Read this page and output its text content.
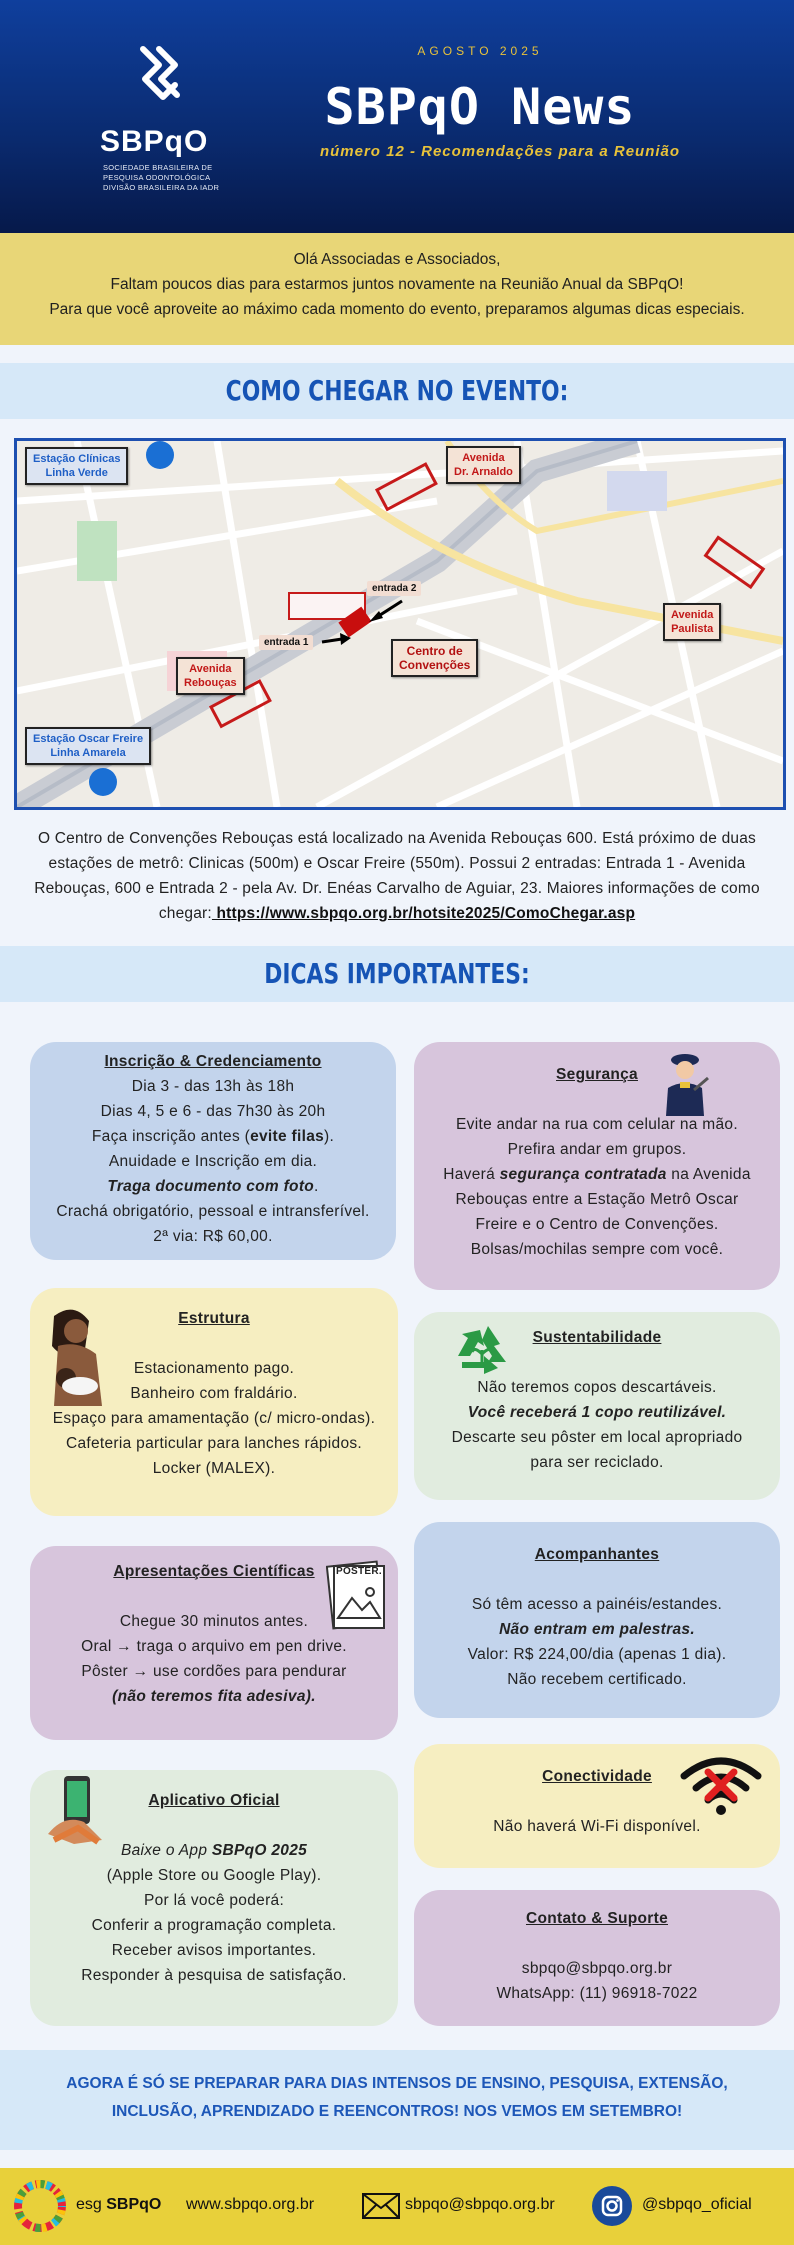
SBPqO
SOCIEDADE BRASILEIRA DE
PESQUISA ODONTOLÓGICA
DIVISÃO BRASILEIRA DA IADR
AGOSTO 2025
SBPqO News
número 12 - Recomendações para a Reunião
Olá Associadas e Associados,
Faltam poucos dias para estarmos juntos novamente na Reunião Anual da SBPqO!
Para que você aproveite ao máximo cada momento do evento, preparamos algumas dicas especiais.
COMO CHEGAR NO EVENTO:
Estação Clínicas
Linha Verde
Avenida
Dr. Arnaldo
Avenida
Paulista
Centro de
Convenções
Avenida
Rebouças
Estação Oscar Freire
Linha Amarela
entrada 2
entrada 1
O Centro de Convenções Rebouças está localizado na Avenida Rebouças 600. Está próximo de duas estações de metrô: Clinicas (500m) e Oscar Freire (550m). Possui 2 entradas: Entrada 1 - Avenida Rebouças, 600 e Entrada 2 - pela Av. Dr. Enéas Carvalho de Aguiar, 23. Maiores informações de como chegar: https://www.sbpqo.org.br/hotsite2025/ComoChegar.asp
DICAS IMPORTANTES:

Inscrição & Credenciamento

Dia 3 - das 13h às 18h

Dias 4, 5 e 6 - das 7h30 às 20h

Faça inscrição antes (evite filas).

Anuidade e Inscrição em dia.

Traga documento com foto.

Crachá obrigatório, pessoal e intransferível.

2ª via: R$ 60,00.

Segurança

Evite andar na rua com celular na mão.

Prefira andar em grupos.

Haverá segurança contratada na Avenida

Rebouças entre a Estação Metrô Oscar

Freire e o Centro de Convenções.

Bolsas/mochilas sempre com você.

Estrutura

Estacionamento pago.

Banheiro com fraldário.

Espaço para amamentação (c/ micro-ondas).

Cafeteria particular para lanches rápidos.

Locker (MALEX).

Sustentabilidade

Não teremos copos descartáveis.

Você receberá 1 copo reutilizável.

Descarte seu pôster em local apropriado

para ser reciclado.

Apresentações Científicas	POSTER.

Chegue 30 minutos antes.

Oral → traga o arquivo em pen drive.

Pôster → use cordões para pendurar

(não teremos fita adesiva).

Acompanhantes

Só têm acesso a painéis/estandes.

Não entram em palestras.

Valor: R$ 224,00/dia (apenas 1 dia).

Não recebem certificado.

Conectividade

Não haverá Wi-Fi disponível.

Aplicativo Oficial

Baixe o App SBPqO 2025

(Apple Store ou Google Play).

Por lá você poderá:

Conferir a programação completa.

Receber avisos importantes.

Responder à pesquisa de satisfação.

Contato & Suporte

sbpqo@sbpqo.org.br

WhatsApp: (11) 96918-7022

AGORA É SÓ SE PREPARAR PARA DIAS INTENSOS DE ENSINO, PESQUISA, EXTENSÃO,
INCLUSÃO, APRENDIZADO E REENCONTROS! NOS VEMOS EM SETEMBRO!
esg SBPqO www.sbpqo.org.br	sbpqo@sbpqo.org.br	@sbpqo_oficial
